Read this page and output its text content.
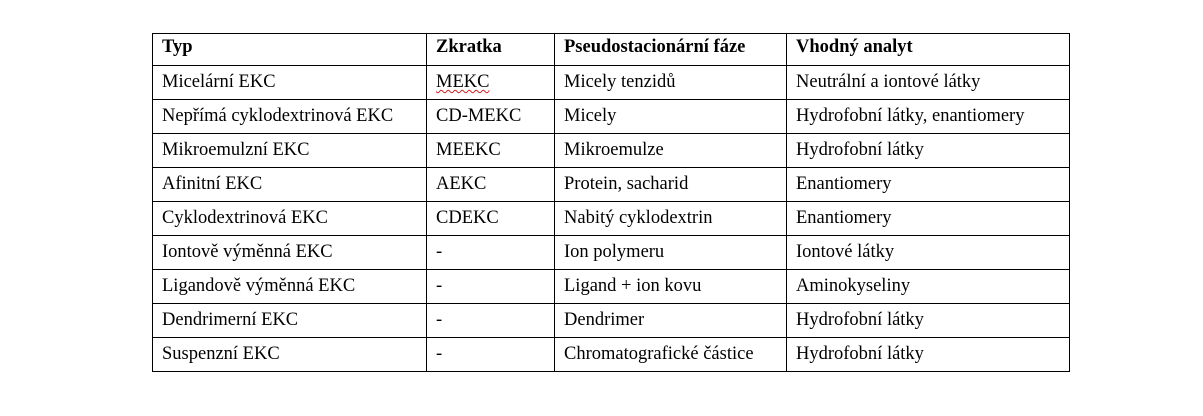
Typ	Zkratka	Pseudostacionární fáze	Vhodný analyt
Micelární EKC	MEKC	Micely tenzidů	Neutrální a iontové látky
Nepřímá cyklodextrinová EKC	CD-MEKC	Micely	Hydrofobní látky, enantiomery
Mikroemulzní EKC	MEEKC	Mikroemulze	Hydrofobní látky
Afinitní EKC	AEKC	Protein, sacharid	Enantiomery
Cyklodextrinová EKC	CDEKC	Nabitý cyklodextrin	Enantiomery
Iontově výměnná EKC	-	Ion polymeru	Iontové látky
Ligandově výměnná EKC	-	Ligand + ion kovu	Aminokyseliny
Dendrimerní EKC	-	Dendrimer	Hydrofobní látky
Suspenzní EKC	-	Chromatografické částice	Hydrofobní látky
